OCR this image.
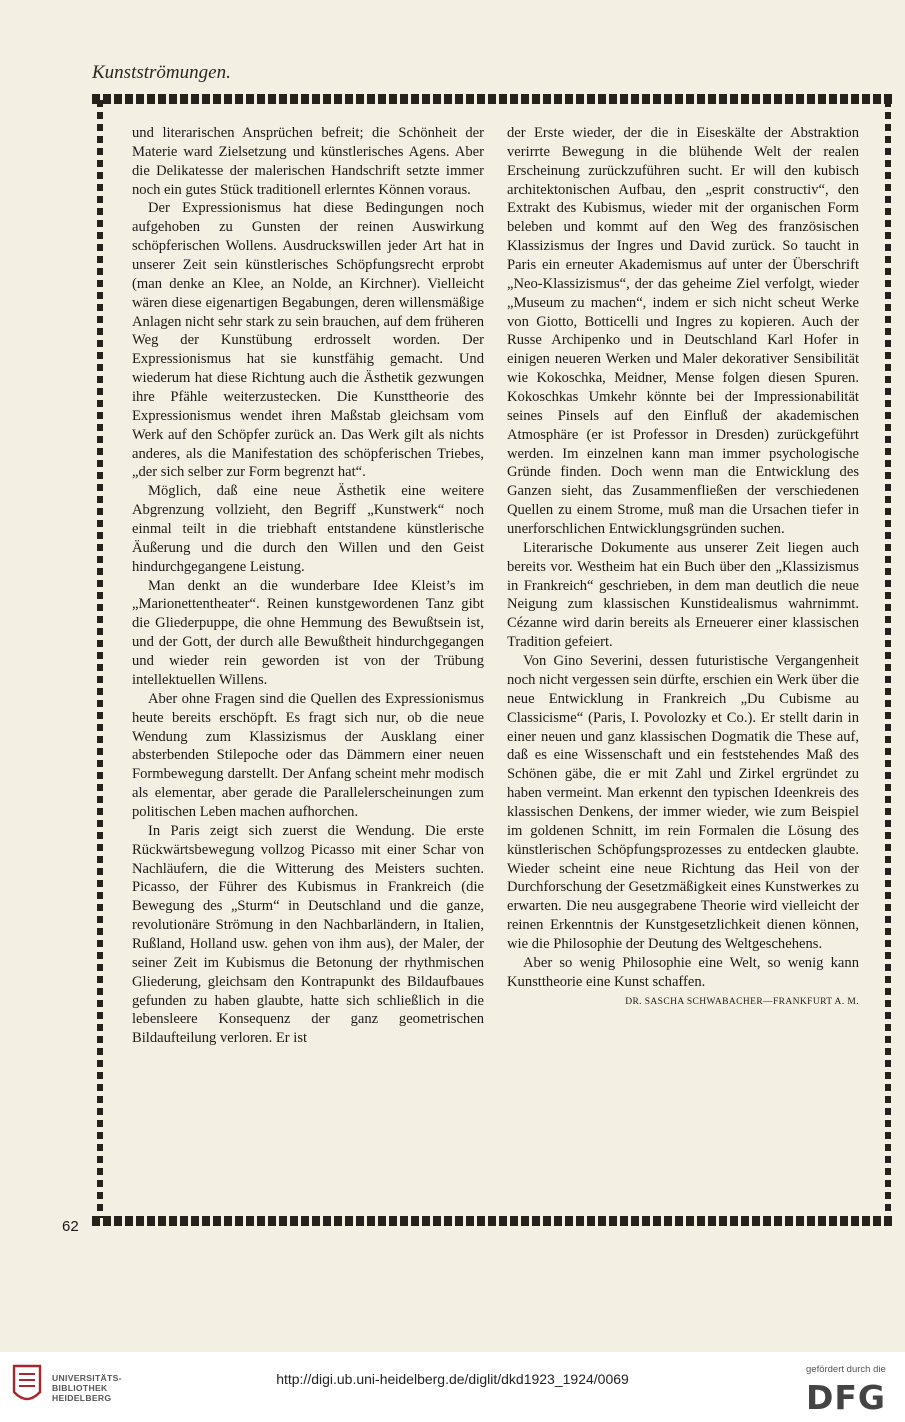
Kunstströmungen.

und literarischen Ansprüchen befreit; die Schönheit der Materie ward Zielsetzung und künstlerisches Agens. Aber die Delikatesse der malerischen Handschrift setzte immer noch ein gutes Stück traditionell erlerntes Können voraus.

Der Expressionismus hat diese Bedingungen noch aufgehoben zu Gunsten der reinen Auswirkung schöpferischen Wollens. Ausdruckswillen jeder Art hat in unserer Zeit sein künstlerisches Schöpfungsrecht erprobt (man denke an Klee, an Nolde, an Kirchner). Vielleicht wären diese eigenartigen Begabungen, deren willensmäßige Anlagen nicht sehr stark zu sein brauchen, auf dem früheren Weg der Kunstübung erdrosselt worden. Der Expressionismus hat sie kunstfähig gemacht. Und wiederum hat diese Richtung auch die Ästhetik gezwungen ihre Pfähle weiterzustecken. Die Kunsttheorie des Expressionismus wendet ihren Maßstab gleichsam vom Werk auf den Schöpfer zurück an. Das Werk gilt als nichts anderes, als die Manifestation des schöpferischen Triebes, „der sich selber zur Form begrenzt hat“.

Möglich, daß eine neue Ästhetik eine weitere Abgrenzung vollzieht, den Begriff „Kunstwerk“ noch einmal teilt in die triebhaft entstandene künstlerische Äußerung und die durch den Willen und den Geist hindurchgegangene Leistung.

Man denkt an die wunderbare Idee Kleist’s im „Marionettentheater“. Reinen kunstgewordenen Tanz gibt die Gliederpuppe, die ohne Hemmung des Bewußtsein ist, und der Gott, der durch alle Bewußtheit hindurchgegangen und wieder rein geworden ist von der Trübung intellektuellen Willens.

Aber ohne Fragen sind die Quellen des Expressionismus heute bereits erschöpft. Es fragt sich nur, ob die neue Wendung zum Klassizismus der Ausklang einer absterbenden Stilepoche oder das Dämmern einer neuen Formbewegung darstellt. Der Anfang scheint mehr modisch als elementar, aber gerade die Parallelerscheinungen zum politischen Leben machen aufhorchen.

In Paris zeigt sich zuerst die Wendung. Die erste Rückwärtsbewegung vollzog Picasso mit einer Schar von Nachläufern, die die Witterung des Meisters suchten. Picasso, der Führer des Kubismus in Frankreich (die Bewegung des „Sturm“ in Deutschland und die ganze, revolutionäre Strömung in den Nachbarländern, in Italien, Rußland, Holland usw. gehen von ihm aus), der Maler, der seiner Zeit im Kubismus die Betonung der rhythmischen Gliederung, gleichsam den Kontrapunkt des Bildaufbaues gefunden zu haben glaubte, hatte sich schließlich in die lebensleere Konsequenz der ganz geometrischen Bildaufteilung verloren. Er ist

der Erste wieder, der die in Eiseskälte der Abstraktion verirrte Bewegung in die blühende Welt der realen Erscheinung zurückzuführen sucht. Er will den kubisch architektonischen Aufbau, den „esprit constructiv“, den Extrakt des Kubismus, wieder mit der organischen Form beleben und kommt auf den Weg des französischen Klassizismus der Ingres und David zurück. So taucht in Paris ein erneuter Akademismus auf unter der Überschrift „Neo-Klassizismus“, der das geheime Ziel verfolgt, wieder „Museum zu machen“, indem er sich nicht scheut Werke von Giotto, Botticelli und Ingres zu kopieren. Auch der Russe Archipenko und in Deutschland Karl Hofer in einigen neueren Werken und Maler dekorativer Sensibilität wie Kokoschka, Meidner, Mense folgen diesen Spuren. Kokoschkas Umkehr könnte bei der Impressionabilität seines Pinsels auf den Einfluß der akademischen Atmosphäre (er ist Professor in Dresden) zurückgeführt werden. Im einzelnen kann man immer psychologische Gründe finden. Doch wenn man die Entwicklung des Ganzen sieht, das Zusammenfließen der verschiedenen Quellen zu einem Strome, muß man die Ursachen tiefer in unerforschlichen Entwicklungsgründen suchen.

Literarische Dokumente aus unserer Zeit liegen auch bereits vor. Westheim hat ein Buch über den „Klassizismus in Frankreich“ geschrieben, in dem man deutlich die neue Neigung zum klassischen Kunstidealismus wahrnimmt. Cézanne wird darin bereits als Erneuerer einer klassischen Tradition gefeiert.

Von Gino Severini, dessen futuristische Vergangenheit noch nicht vergessen sein dürfte, erschien ein Werk über die neue Entwicklung in Frankreich „Du Cubisme au Classicisme“ (Paris, I. Povolozky et Co.). Er stellt darin in einer neuen und ganz klassischen Dogmatik die These auf, daß es eine Wissenschaft und ein feststehendes Maß des Schönen gäbe, die er mit Zahl und Zirkel ergründet zu haben vermeint. Man erkennt den typischen Ideenkreis des klassischen Denkens, der immer wieder, wie zum Beispiel im goldenen Schnitt, im rein Formalen die Lösung des künstlerischen Schöpfungsprozesses zu entdecken glaubte. Wieder scheint eine neue Richtung das Heil von der Durchforschung der Gesetzmäßigkeit eines Kunstwerkes zu erwarten. Die neu ausgegrabene Theorie wird vielleicht der reinen Erkenntnis der Kunstgesetzlichkeit dienen können, wie die Philosophie der Deutung des Weltgeschehens.

Aber so wenig Philosophie eine Welt, so wenig kann Kunsttheorie eine Kunst schaffen.

DR. SASCHA SCHWABACHER—FRANKFURT A. M.
62
UNIVERSITÄTS-
BIBLIOTHEK
HEIDELBERG
http://digi.ub.uni-heidelberg.de/diglit/dkd1923_1924/0069
gefördert durch die
DFG
